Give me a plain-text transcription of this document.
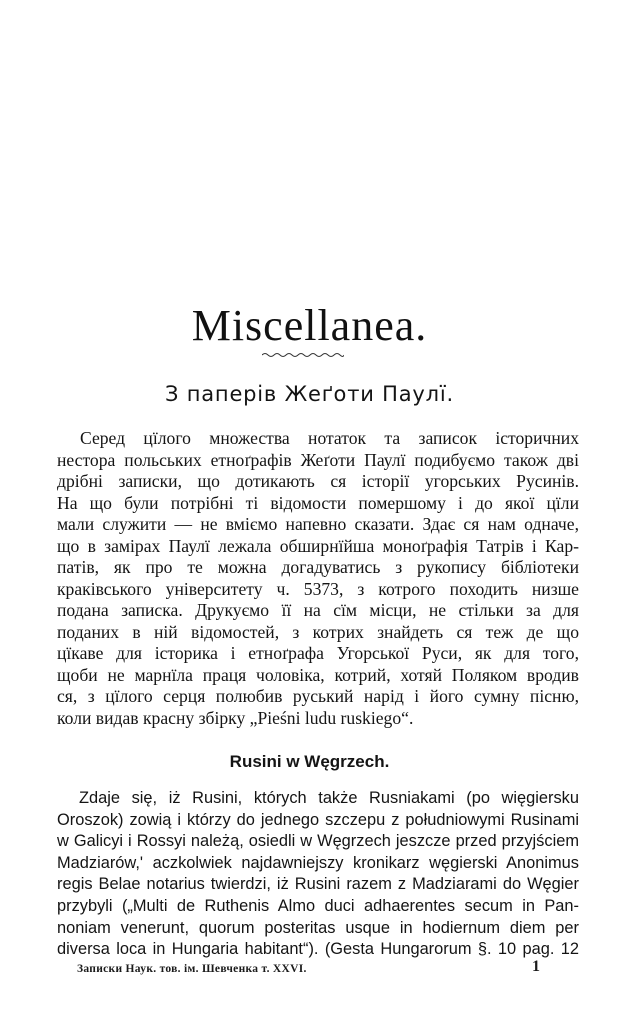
Miscellanea.
З паперів Жеґоти Паулї.
Серед цїлого множества нотаток та записок історичних
нестора польських етноґрафів Жеґоти Паулї подибуємо також дві
дрібні записки, що дотикають ся історії угорських Русинів.
На що були потрібні ті відомости помершому і до якої цїли
мали служити — не вміємо напевно сказати. Здає ся нам одначе,
що в замірах Паулї лежала обширнїйша моноґрафія Татрів і Кар-
патів, як про те можна догадуватись з рукопису бібліотеки
краківського університету ч. 5373, з котрого походить низше
подана записка. Друкуємо її на сїм місци, не стільки за для
поданих в ній відомостей, з котрих знайдеть ся теж де що
цїкаве для історика і етноґрафа Угорської Руси, як для того,
щоби не марнїла праця чоловіка, котрий, хотяй Поляком вродив
ся, з цїлого серця полюбив руський нарід і його сумну пісню,
коли видав красну збірку „Pieśni ludu ruskiego“.
Rusini w Węgrzech.
Zdaje się, iż Rusini, których także Rusniakami (po więgiersku
Oroszok) zowią i którzy do jednego szczepu z południowymi Rusinami
w Galicyi i Rossyi należą, osiedli w Węgrzech jeszcze przed przyjściem
Madziarów,' aczkolwiek najdawniejszy kronikarz węgierski Anonimus
regis Belae notarius twierdzi, iż Rusini razem z Madziarami do Węgier
przybyli („Multi de Ruthenis Almo duci adhaerentes secum in Pan-
noniam venerunt, quorum posteritas usque in hodiernum diem per
diversa loca in Hungaria habitant“). (Gesta Hungarorum §. 10 pag. 12
Записки Наук. тов. ім. Шевченка т. XXVI.	1
